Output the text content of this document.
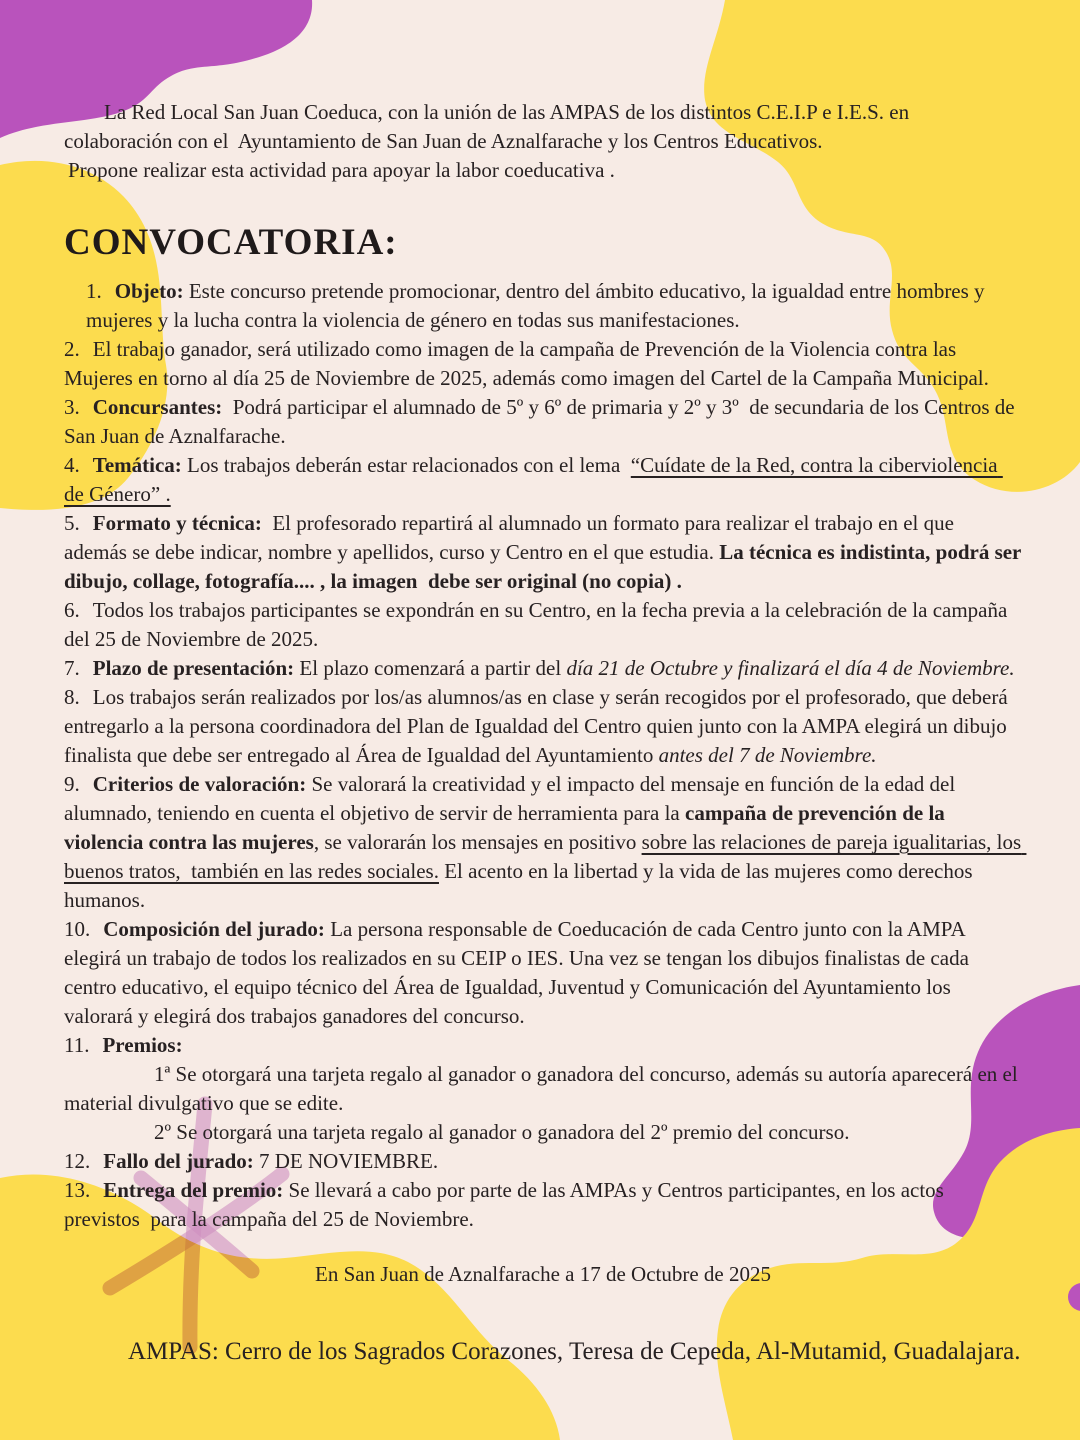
La Red Local San Juan Coeduca, con la unión de las AMPAS de los distintos C.E.I.P e I.E.S. en colaboración con el  Ayuntamiento de San Juan de Aznalfarache y los Centros Educativos.

Propone realizar esta actividad para apoyar la labor coeducativa .

CONVOCATORIA:

1. Objeto: Este concurso pretende promocionar, dentro del ámbito educativo, la igualdad entre hombres y mujeres y la lucha contra la violencia de género en todas sus manifestaciones.

2. El trabajo ganador, será utilizado como imagen de la campaña de Prevención de la Violencia contra las Mujeres en torno al día 25 de Noviembre de 2025, además como imagen del Cartel de la Campaña Municipal.

3. Concursantes:  Podrá participar el alumnado de 5º y 6º de primaria y 2º y 3º  de secundaria de los Centros de San Juan de Aznalfarache.

4. Temática: Los trabajos deberán estar relacionados con el lema  “Cuídate de la Red, contra la ciberviolencia de Género” .

5. Formato y técnica:  El profesorado repartirá al alumnado un formato para realizar el trabajo en el que además se debe indicar, nombre y apellidos, curso y Centro en el que estudia. La técnica es indistinta, podrá ser dibujo, collage, fotografía.... , la imagen  debe ser original (no copia) .

6. Todos los trabajos participantes se expondrán en su Centro, en la fecha previa a la celebración de la campaña del 25 de Noviembre de 2025.

7. Plazo de presentación: El plazo comenzará a partir del día 21 de Octubre y finalizará el día 4 de Noviembre.

8. Los trabajos serán realizados por los/as alumnos/as en clase y serán recogidos por el profesorado, que deberá entregarlo a la persona coordinadora del Plan de Igualdad del Centro quien junto con la AMPA elegirá un dibujo finalista que debe ser entregado al Área de Igualdad del Ayuntamiento antes del 7 de Noviembre.

9. Criterios de valoración: Se valorará la creatividad y el impacto del mensaje en función de la edad del alumnado, teniendo en cuenta el objetivo de servir de herramienta para la campaña de prevención de la violencia contra las mujeres, se valorarán los mensajes en positivo sobre las relaciones de pareja igualitarias, los buenos tratos,  también en las redes sociales. El acento en la libertad y la vida de las mujeres como derechos humanos.

10. Composición del jurado: La persona responsable de Coeducación de cada Centro junto con la AMPA elegirá un trabajo de todos los realizados en su CEIP o IES. Una vez se tengan los dibujos finalistas de cada centro educativo, el equipo técnico del Área de Igualdad, Juventud y Comunicación del Ayuntamiento los valorará y elegirá dos trabajos ganadores del concurso.

11. Premios:

1ª Se otorgará una tarjeta regalo al ganador o ganadora del concurso, además su autoría aparecerá en el material divulgativo que se edite.

2º Se otorgará una tarjeta regalo al ganador o ganadora del 2º premio del concurso.

12. Fallo del jurado: 7 DE NOVIEMBRE.

13. Entrega del premio: Se llevará a cabo por parte de las AMPAs y Centros participantes, en los actos previstos  para la campaña del 25 de Noviembre.

En San Juan de Aznalfarache a 17 de Octubre de 2025

AMPAS: Cerro de los Sagrados Corazones, Teresa de Cepeda, Al-Mutamid, Guadalajara.
